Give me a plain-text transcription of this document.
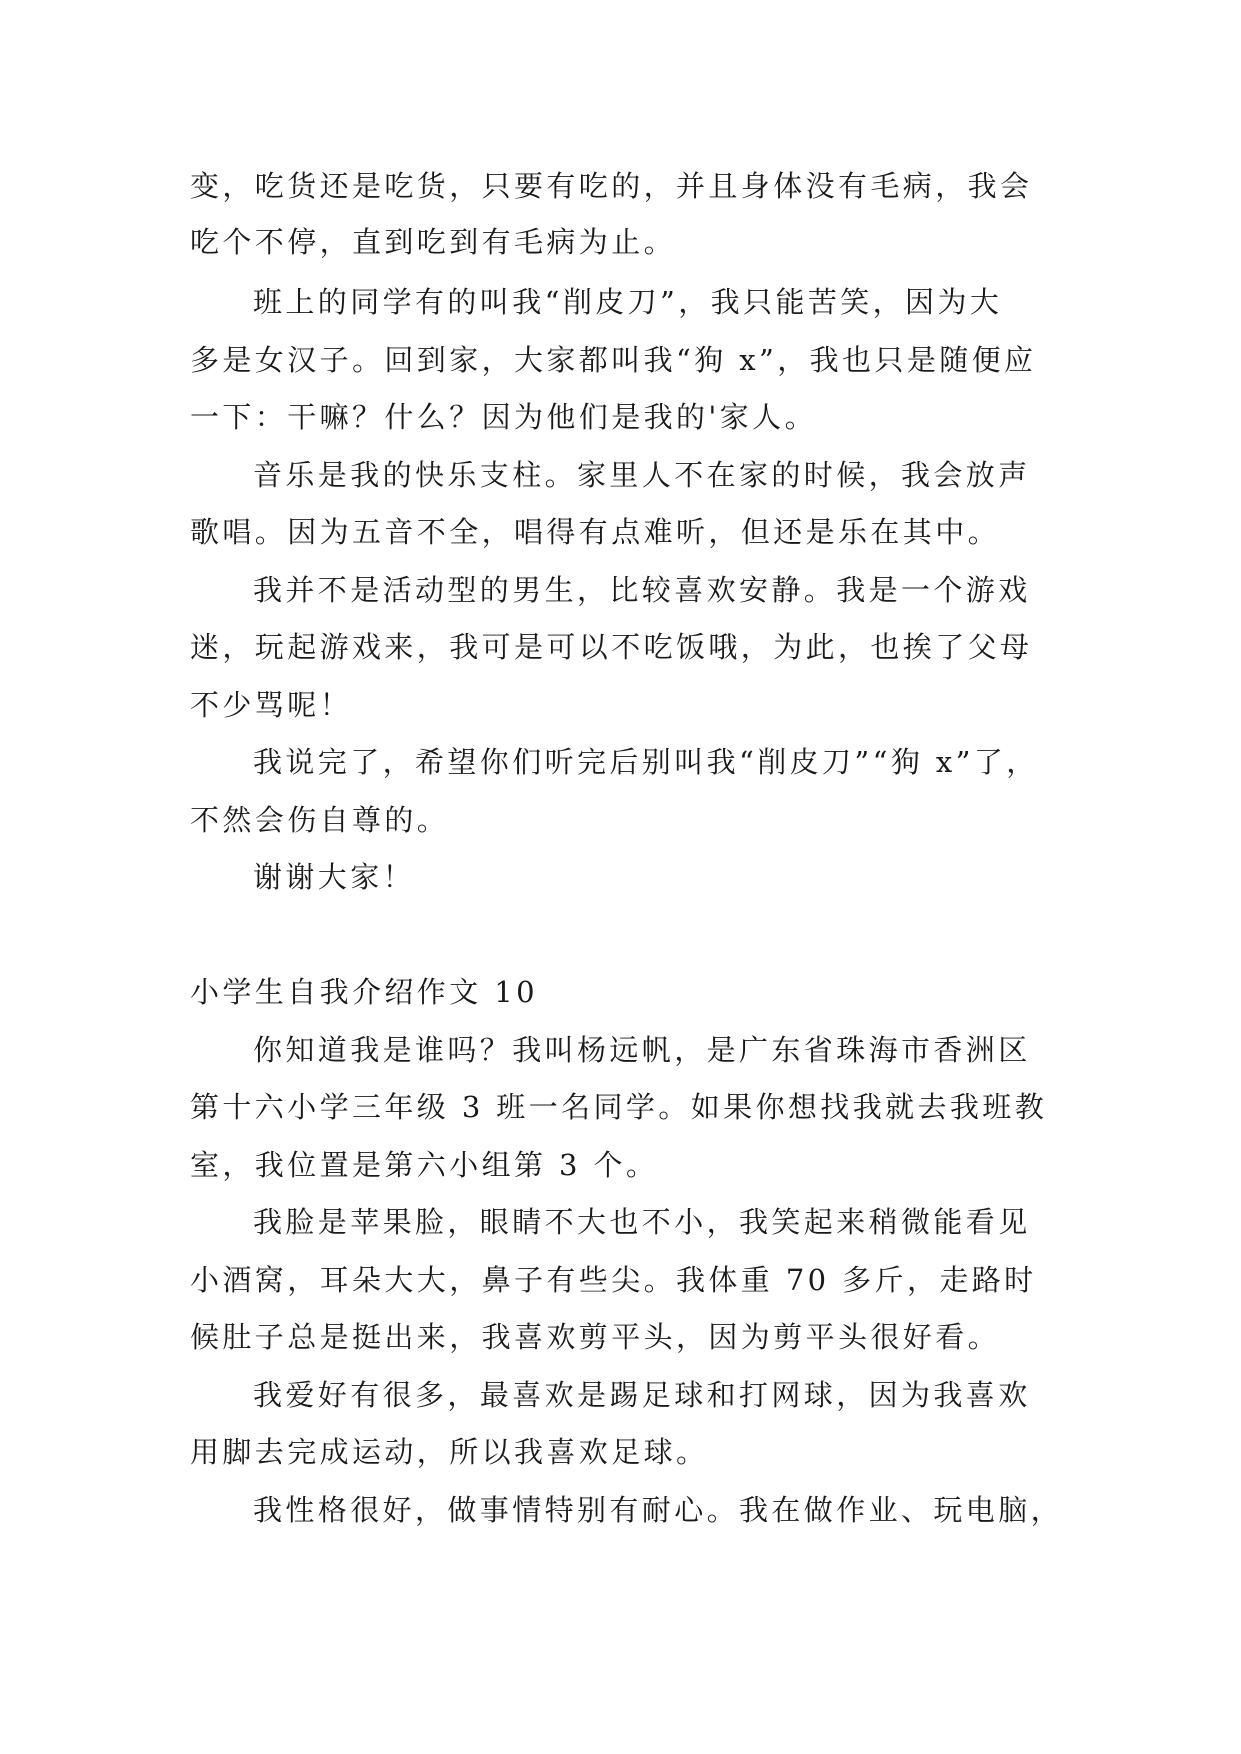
变，吃货还是吃货，只要有吃的，并且身体没有毛病，我会
吃个不停，直到吃到有毛病为止。
班上的同学有的叫我“削皮刀”，我只能苦笑，因为大
多是女汉子。回到家，大家都叫我“狗 x”，我也只是随便应
一下：干嘛？什么？因为他们是我的'家人。
音乐是我的快乐支柱。家里人不在家的时候，我会放声
歌唱。因为五音不全，唱得有点难听，但还是乐在其中。
我并不是活动型的男生，比较喜欢安静。我是一个游戏
迷，玩起游戏来，我可是可以不吃饭哦，为此，也挨了父母
不少骂呢！
我说完了，希望你们听完后别叫我“削皮刀”“狗 x”了，
不然会伤自尊的。
谢谢大家！
小学生自我介绍作文 10
你知道我是谁吗？我叫杨远帆，是广东省珠海市香洲区
第十六小学三年级 3 班一名同学。如果你想找我就去我班教
室，我位置是第六小组第 3 个。
我脸是苹果脸，眼睛不大也不小，我笑起来稍微能看见
小酒窝，耳朵大大，鼻子有些尖。我体重 70 多斤，走路时
候肚子总是挺出来，我喜欢剪平头，因为剪平头很好看。
我爱好有很多，最喜欢是踢足球和打网球，因为我喜欢
用脚去完成运动，所以我喜欢足球。
我性格很好，做事情特别有耐心。我在做作业、玩电脑，
